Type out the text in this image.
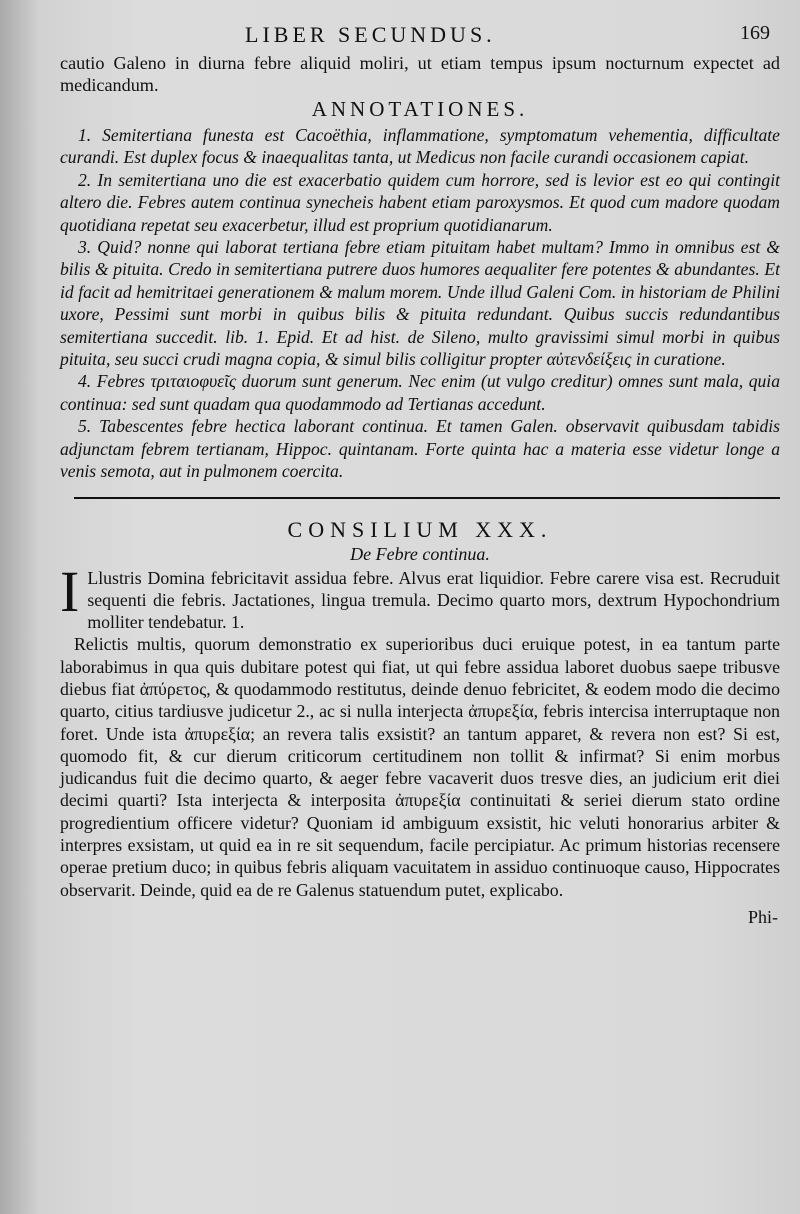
LIBER SECUNDUS.	169

cautio Galeno in diurna febre aliquid moliri, ut etiam tempus ipsum nocturnum expectet ad medicandum.

ANNOTATIONES.

1. Semitertiana funesta est Cacoëthia, inflammatione, symptomatum vehementia, difficultate curandi. Est duplex focus & inaequalitas tanta, ut Medicus non facile curandi occasionem capiat.

2. In semitertiana uno die est exacerbatio quidem cum horrore, sed is levior est eo qui contingit altero die. Febres autem continua synecheis habent etiam paroxysmos. Et quod cum madore quodam quotidiana repetat seu exacerbetur, illud est proprium quotidianarum.

3. Quid? nonne qui laborat tertiana febre etiam pituitam habet multam? Immo in omnibus est & bilis & pituita. Credo in semitertiana putrere duos humores aequaliter fere potentes & abundantes. Et id facit ad hemitritaei generationem & malum morem. Unde illud Galeni Com. in historiam de Philini uxore, Pessimi sunt morbi in quibus bilis & pituita redundant. Quibus succis redundantibus semitertiana succedit. lib. 1. Epid. Et ad hist. de Sileno, multo gravissimi simul morbi in quibus pituita, seu succi crudi magna copia, & simul bilis colligitur propter αὐτενδείξεις in curatione.

4. Febres τριταιοφυεῖς duorum sunt generum. Nec enim (ut vulgo creditur) omnes sunt mala, quia continua: sed sunt quadam qua quodammodo ad Tertianas accedunt.

5. Tabescentes febre hectica laborant continua. Et tamen Galen. observavit quibusdam tabidis adjunctam febrem tertianam, Hippoc. quintanam. Forte quinta hac a materia esse videtur longe a venis semota, aut in pulmonem coercita.

CONSILIUM XXX.
De Febre continua.

I Llustris Domina febricitavit assidua febre. Alvus erat liquidior. Febre carere visa est. Recruduit sequenti die febris. Jactationes, lingua tremula. Decimo quarto mors, dextrum Hypochondrium molliter tendebatur. 1.

Relictis multis, quorum demonstratio ex superioribus duci eruique potest, in ea tantum parte laborabimus in qua quis dubitare potest qui fiat, ut qui febre assidua laboret duobus saepe tribusve diebus fiat ἀπύρετος, & quodammodo restitutus, deinde denuo febricitet, & eodem modo die decimo quarto, citius tardiusve judicetur 2., ac si nulla interjecta ἀπυρεξία, febris intercisa interruptaque non foret. Unde ista ἀπυρεξία; an revera talis exsistit? an tantum apparet, & revera non est? Si est, quomodo fit, & cur dierum criticorum certitudinem non tollit & infirmat? Si enim morbus judicandus fuit die decimo quarto, & aeger febre vacaverit duos tresve dies, an judicium erit diei decimi quarti? Ista interjecta & interposita ἀπυρεξία continuitati & seriei dierum stato ordine progredientium officere videtur? Quoniam id ambiguum exsistit, hic veluti honorarius arbiter & interpres exsistam, ut quid ea in re sit sequendum, facile percipiatur. Ac primum historias recensere operae pretium duco; in quibus febris aliquam vacuitatem in assiduo continuoque causo, Hippocrates observarit. Deinde, quid ea de re Galenus statuendum putet, explicabo.

Phi-
